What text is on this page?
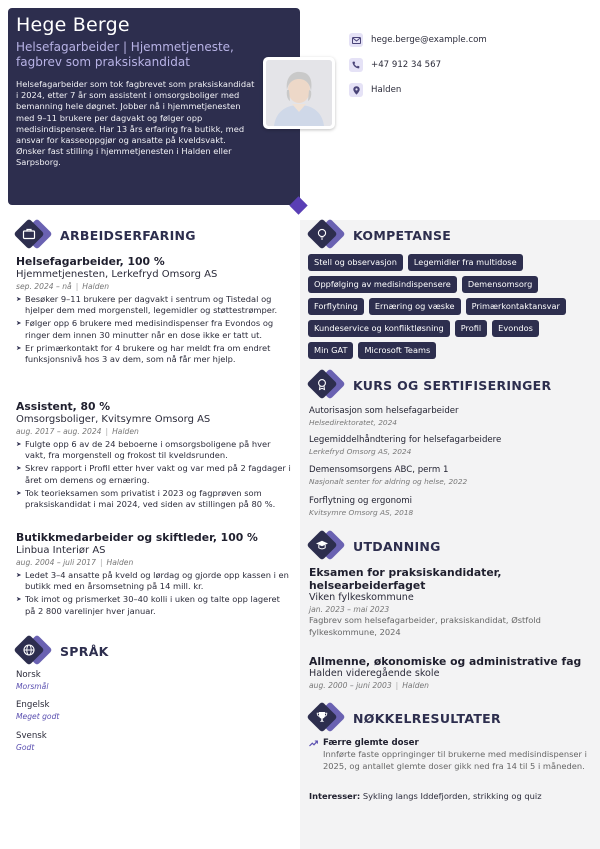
Hege Berge
Helsefagarbeider | Hjemmetjeneste, fagbrev som praksiskandidat
Helsefagarbeider som tok fagbrevet som praksiskandidat i 2024, etter 7 år som assistent i omsorgsboliger med bemanning hele døgnet. Jobber nå i hjemmetjenesten med 9–11 brukere per dagvakt og følger opp medisindispensere. Har 13 års erfaring fra butikk, med ansvar for kasseoppgjør og ansatte på kveldsvakt.
Ønsker fast stilling i hjemmetjenesten i Halden eller Sarpsborg.
hege.berge@example.com
+47 912 34 567
Halden
ARBEIDSERFARING
Helsefagarbeider, 100 %
Hjemmetjenesten, Lerkefryd Omsorg AS
sep. 2024 – nå | Halden
➤ Besøker 9–11 brukere per dagvakt i sentrum og Tistedal og hjelper dem med morgenstell, legemidler og støttestrømper.
➤ Følger opp 6 brukere med medisindispenser fra Evondos og ringer dem innen 30 minutter når en dose ikke er tatt ut.
➤ Er primærkontakt for 4 brukere og har meldt fra om endret funksjonsnivå hos 3 av dem, som nå får mer hjelp.
Assistent, 80 %
Omsorgsboliger, Kvitsymre Omsorg AS
aug. 2017 – aug. 2024 | Halden
➤ Fulgte opp 6 av de 24 beboerne i omsorgsboligene på hver vakt, fra morgenstell og frokost til kveldsrunden.
➤ Skrev rapport i Profil etter hver vakt og var med på 2 fagdager i året om demens og ernæring.
➤ Tok teorieksamen som privatist i 2023 og fagprøven som praksiskandidat i mai 2024, ved siden av stillingen på 80 %.
Butikkmedarbeider og skiftleder, 100 %
Linbua Interiør AS
aug. 2004 – juli 2017 | Halden
➤ Ledet 3–4 ansatte på kveld og lørdag og gjorde opp kassen i en butikk med en årsomsetning på 14 mill. kr.
➤ Tok imot og prismerket 30–40 kolli i uken og talte opp lageret på 2 800 varelinjer hver januar.
SPRÅK
Norsk
Morsmål
Engelsk
Meget godt
Svensk
Godt
KOMPETANSE
Stell og observasjon	Legemidler fra multidose
Oppfølging av medisindispensere	Demensomsorg
Forflytning	Ernæring og væske	Primærkontaktansvar
Kundeservice og konfliktløsning	Profil	Evondos
Min GAT	Microsoft Teams
KURS OG SERTIFISERINGER
Autorisasjon som helsefagarbeider
Helsedirektoratet, 2024
Legemiddelhåndtering for helsefagarbeidere
Lerkefryd Omsorg AS, 2024
Demensomsorgens ABC, perm 1
Nasjonalt senter for aldring og helse, 2022
Forflytning og ergonomi
Kvitsymre Omsorg AS, 2018
UTDANNING
Eksamen for praksiskandidater, helsearbeiderfaget
Viken fylkeskommune
jan. 2023 – mai 2023
Fagbrev som helsefagarbeider, praksiskandidat, Østfold fylkeskommune, 2024
Allmenne, økonomiske og administrative fag
Halden videregående skole
aug. 2000 – juni 2003 | Halden
NØKKELRESULTATER
Færre glemte doser
Innførte faste oppringinger til brukerne med medisindispenser i 2025, og antallet glemte doser gikk ned fra 14 til 5 i måneden.
Interesser: Sykling langs Iddefjorden, strikking og quiz
